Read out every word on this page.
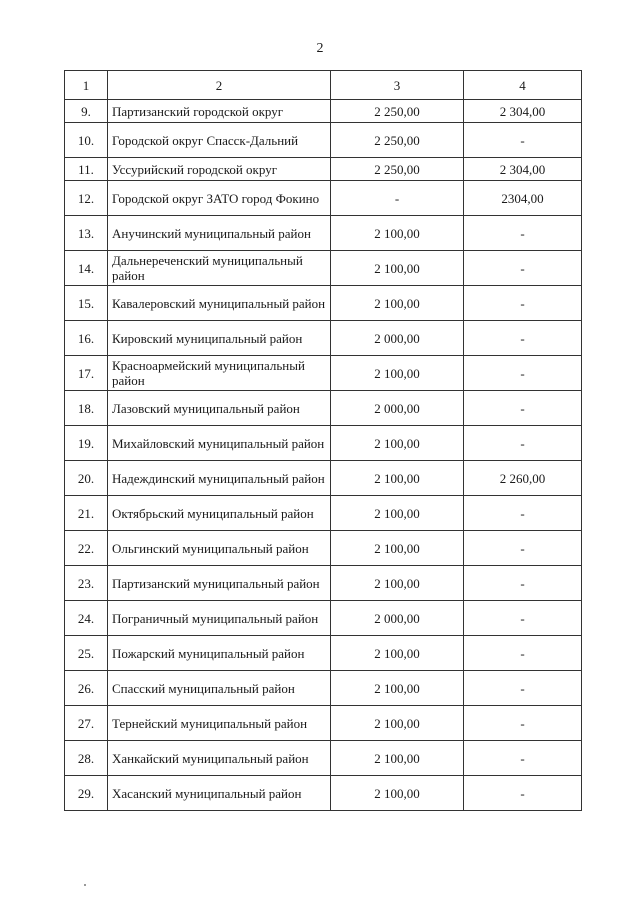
2
1	2	3	4
9.	Партизанский городской округ	2 250,00	2 304,00
10.	Городской округ Спасск-Дальний	2 250,00	-
11.	Уссурийский городской округ	2 250,00	2 304,00
12.	Городской округ ЗАТО город Фокино	-	2304,00
13.	Анучинский муниципальный район	2 100,00	-
14.	Дальнереченский муниципальный район	2 100,00	-
15.	Кавалеровский муниципальный район	2 100,00	-
16.	Кировский муниципальный район	2 000,00	-
17.	Красноармейский муниципальный район	2 100,00	-
18.	Лазовский муниципальный район	2 000,00	-
19.	Михайловский муниципальный район	2 100,00	-
20.	Надеждинский муниципальный район	2 100,00	2 260,00
21.	Октябрьский муниципальный район	2 100,00	-
22.	Ольгинский муниципальный район	2 100,00	-
23.	Партизанский муниципальный район	2 100,00	-
24.	Пограничный муниципальный район	2 000,00	-
25.	Пожарский муниципальный район	2 100,00	-
26.	Спасский муниципальный район	2 100,00	-
27.	Тернейский муниципальный район	2 100,00	-
28.	Ханкайский муниципальный район	2 100,00	-
29.	Хасанский муниципальный район	2 100,00	-
